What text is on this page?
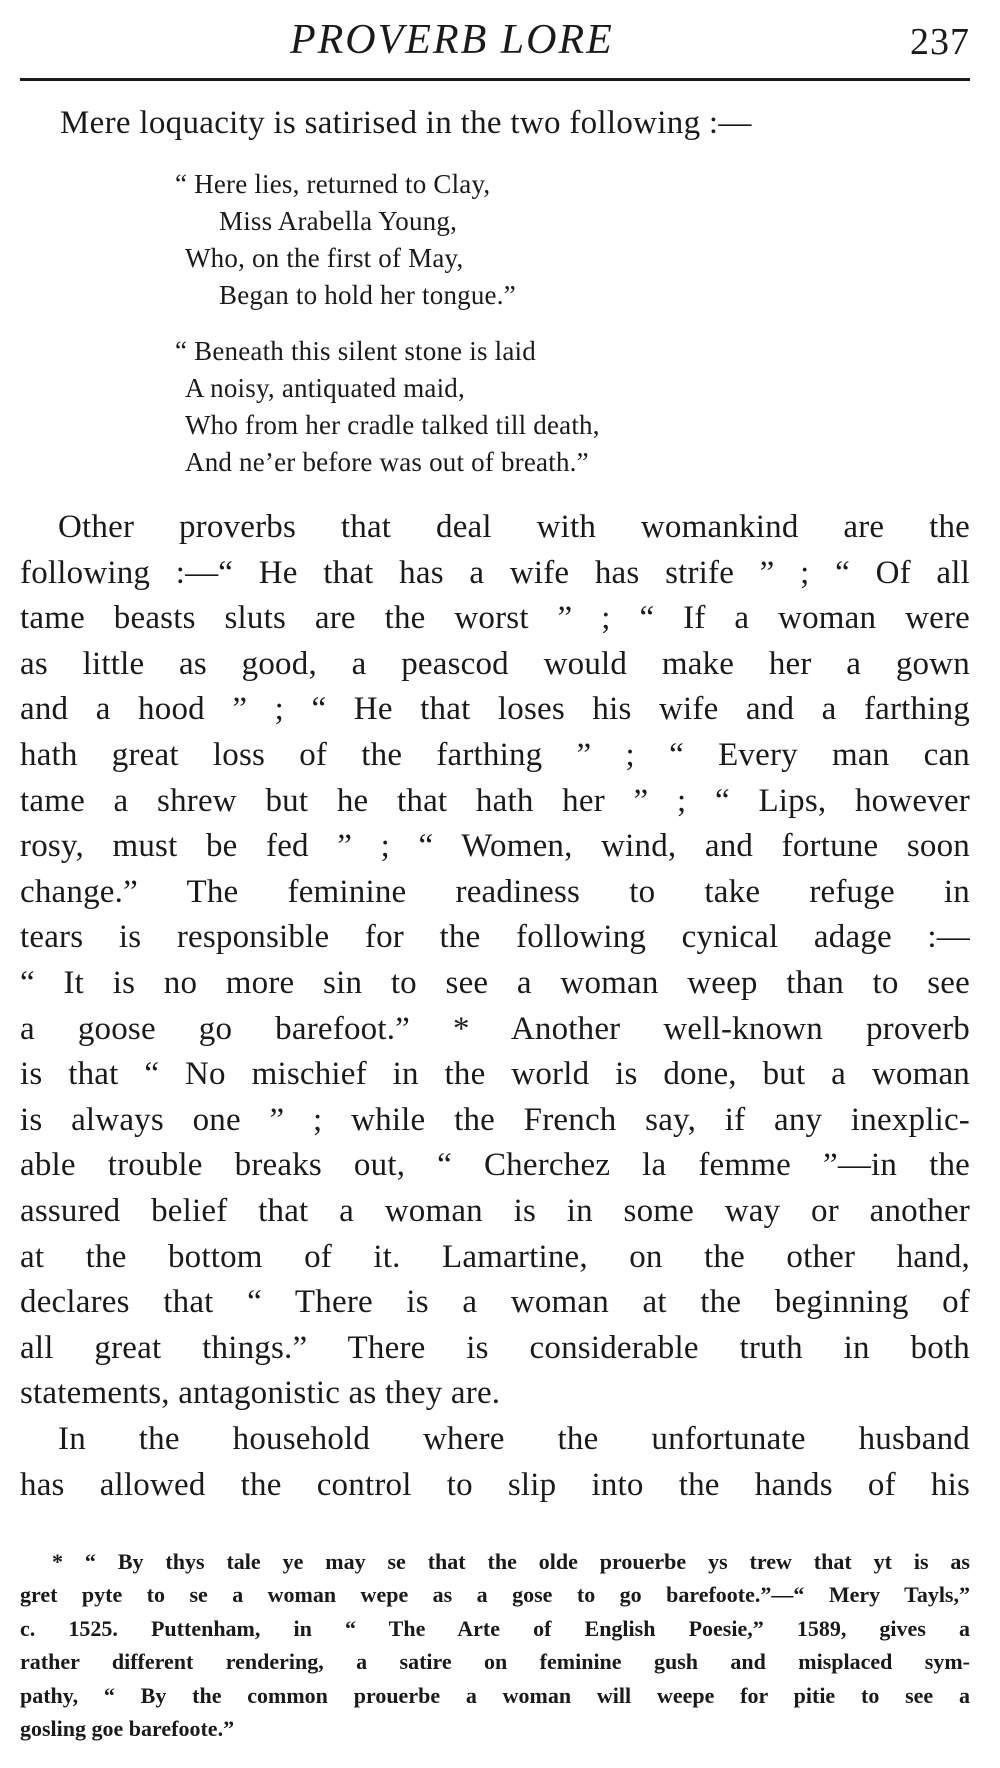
PROVERB LORE	237
Mere loquacity is satirised in the two following :—
“ Here lies, returned to Clay,
Miss Arabella Young,
Who, on the first of May,
Began to hold her tongue.”
“ Beneath this silent stone is laid
A noisy, antiquated maid,
Who from her cradle talked till death,
And ne’er before was out of breath.”
Other proverbs that deal with womankind are the
following :—“ He that has a wife has strife ” ; “ Of all
tame beasts sluts are the worst ” ; “ If a woman were
as little as good, a peascod would make her a gown
and a hood ” ; “ He that loses his wife and a farthing
hath great loss of the farthing ” ; “ Every man can
tame a shrew but he that hath her ” ; “ Lips, however
rosy, must be fed ” ; “ Women, wind, and fortune soon
change.” The feminine readiness to take refuge in
tears is responsible for the following cynical adage :—
“ It is no more sin to see a woman weep than to see
a goose go barefoot.” * Another well-known proverb
is that “ No mischief in the world is done, but a woman
is always one ” ; while the French say, if any inexplic-
able trouble breaks out, “ Cherchez la femme ”—in the
assured belief that a woman is in some way or another
at the bottom of it. Lamartine, on the other hand,
declares that “ There is a woman at the beginning of
all great things.” There is considerable truth in both
statements, antagonistic as they are.
In the household where the unfortunate husband
has allowed the control to slip into the hands of his
* “ By thys tale ye may se that the olde prouerbe ys trew that yt is as
gret pyte to se a woman wepe as a gose to go barefoote.”—“ Mery Tayls,”
c. 1525. Puttenham, in “ The Arte of English Poesie,” 1589, gives a
rather different rendering, a satire on feminine gush and misplaced sym-
pathy, “ By the common prouerbe a woman will weepe for pitie to see a
gosling goe barefoote.”
